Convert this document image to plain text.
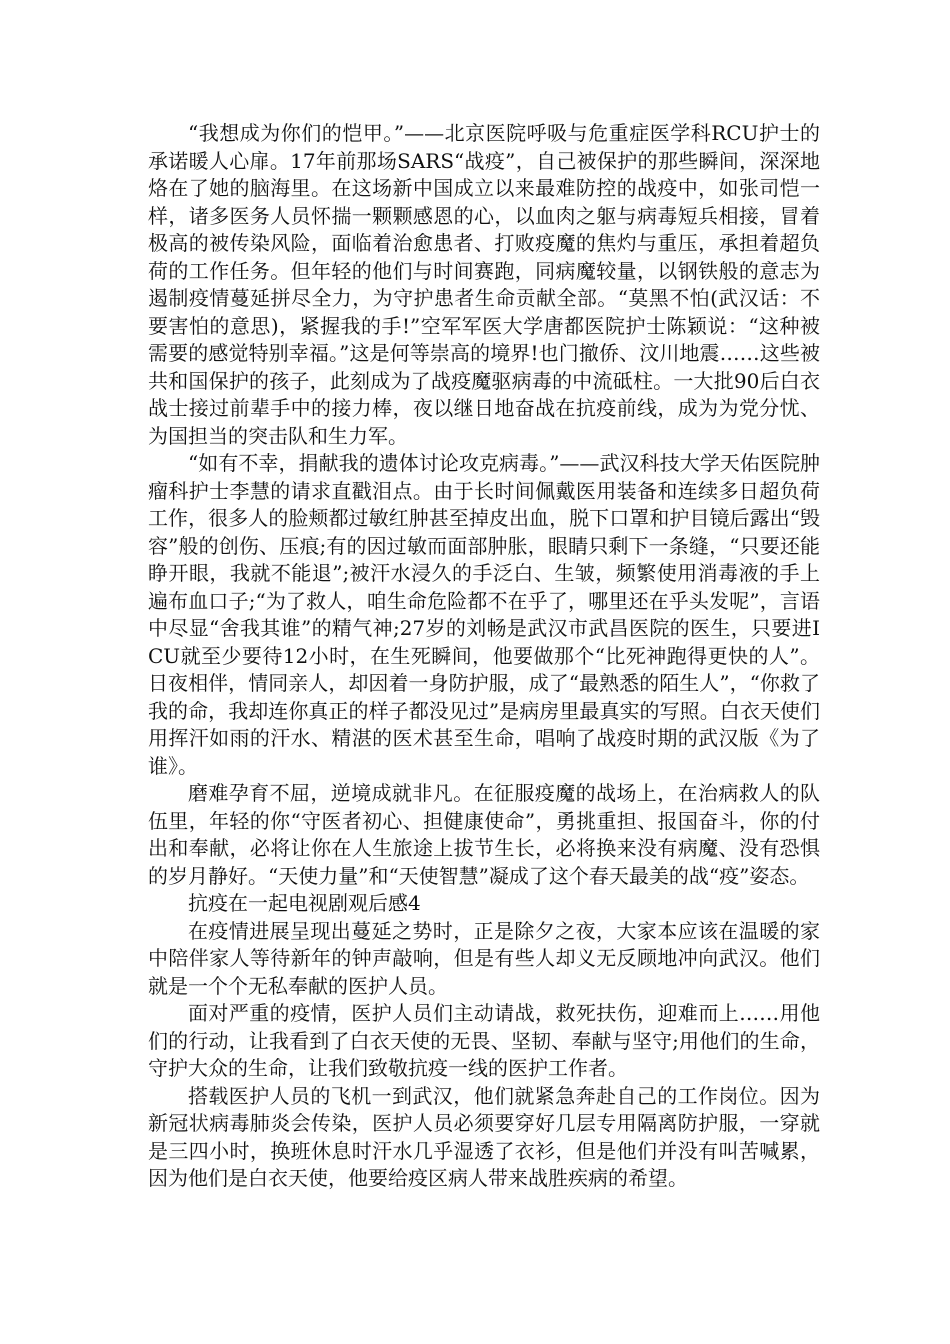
“我想成为你们的恺甲。”——北京医院呼吸与危重症医学科RCU护士的承诺暖人心扉。17年前那场SARS“战疫”，自己被保护的那些瞬间，深深地烙在了她的脑海里。在这场新中国成立以来最难防控的战疫中，如张司恺一样，诸多医务人员怀揣一颗颗感恩的心，以血肉之躯与病毒短兵相接，冒着极高的被传染风险，面临着治愈患者、打败疫魔的焦灼与重压，承担着超负荷的工作任务。但年轻的他们与时间赛跑，同病魔较量，以钢铁般的意志为遏制疫情蔓延拼尽全力，为守护患者生命贡献全部。“莫黑不怕(武汉话：不要害怕的意思)，紧握我的手!”空军军医大学唐都医院护士陈颖说：“这种被需要的感觉特别幸福。”这是何等崇高的境界!也门撤侨、汶川地震……这些被共和国保护的孩子，此刻成为了战疫魔驱病毒的中流砥柱。一大批90后白衣战士接过前辈手中的接力棒，夜以继日地奋战在抗疫前线，成为为党分忧、为国担当的突击队和生力军。

“如有不幸，捐献我的遗体讨论攻克病毒。”——武汉科技大学天佑医院肿瘤科护士李慧的请求直戳泪点。由于长时间佩戴医用装备和连续多日超负荷工作，很多人的脸颊都过敏红肿甚至掉皮出血，脱下口罩和护目镜后露出“毁容”般的创伤、压痕;有的因过敏而面部肿胀，眼睛只剩下一条缝，“只要还能睁开眼，我就不能退”;被汗水浸久的手泛白、生皱，频繁使用消毒液的手上遍布血口子;“为了救人，咱生命危险都不在乎了，哪里还在乎头发呢”，言语中尽显“舍我其谁”的精气神;27岁的刘畅是武汉市武昌医院的医生，只要进ICU就至少要待12小时，在生死瞬间，他要做那个“比死神跑得更快的人”。日夜相伴，情同亲人，却因着一身防护服，成了“最熟悉的陌生人”，“你救了我的命，我却连你真正的样子都没见过”是病房里最真实的写照。白衣天使们用挥汗如雨的汗水、精湛的医术甚至生命，唱响了战疫时期的武汉版《为了谁》。

磨难孕育不屈，逆境成就非凡。在征服疫魔的战场上，在治病救人的队伍里，年轻的你“守医者初心、担健康使命”，勇挑重担、报国奋斗，你的付出和奉献，必将让你在人生旅途上拔节生长，必将换来没有病魔、没有恐惧的岁月静好。“天使力量”和“天使智慧”凝成了这个春天最美的战“疫”姿态。

抗疫在一起电视剧观后感4

在疫情进展呈现出蔓延之势时，正是除夕之夜，大家本应该在温暖的家中陪伴家人等待新年的钟声敲响，但是有些人却义无反顾地冲向武汉。他们就是一个个无私奉献的医护人员。

面对严重的疫情，医护人员们主动请战，救死扶伤，迎难而上……用他们的行动，让我看到了白衣天使的无畏、坚韧、奉献与坚守;用他们的生命，守护大众的生命，让我们致敬抗疫一线的医护工作者。

搭载医护人员的飞机一到武汉，他们就紧急奔赴自己的工作岗位。因为新冠状病毒肺炎会传染，医护人员必须要穿好几层专用隔离防护服，一穿就是三四小时，换班休息时汗水几乎湿透了衣衫，但是他们并没有叫苦喊累，因为他们是白衣天使，他要给疫区病人带来战胜疾病的希望。
